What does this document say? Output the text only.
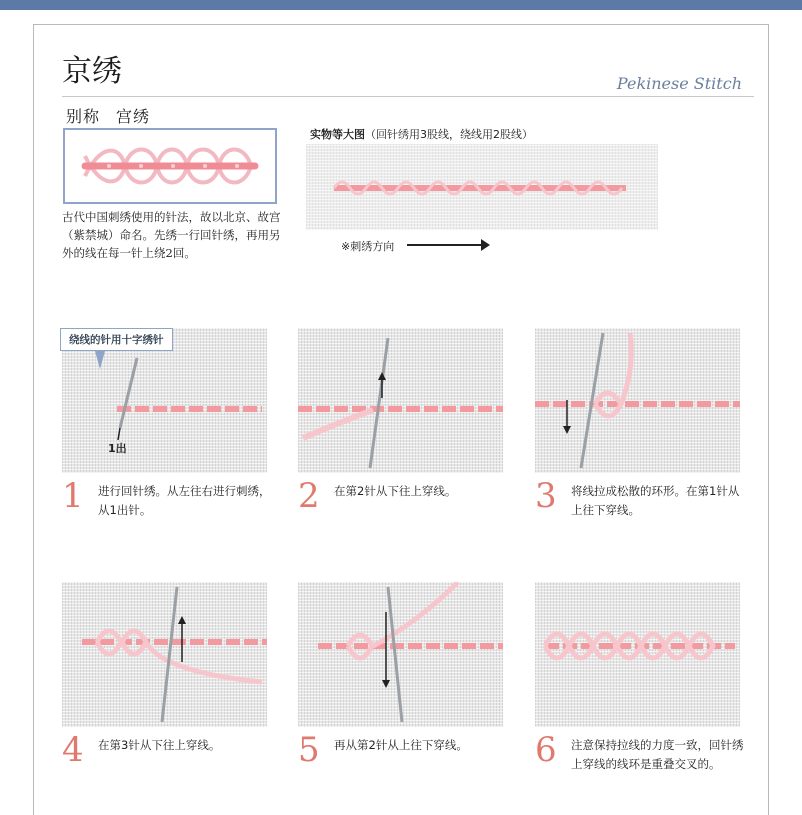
京绣	Pekinese Stitch
别称 宫绣
古代中国刺绣使用的针法，故以北京、故宫（紫禁城）命名。先绣一行回针绣，再用另外的线在每一针上绕2回。
实物等大图（回针绣用3股线，绕线用2股线）
※刺绣方向
1 进行回针绣。从左往右进行刺绣，从1出针。
绕线的针用十字绣针
1出
2 在第2针从下往上穿线。	3 将线拉成松散的环形。在第1针从上往下穿线。
4 在第3针从下往上穿线。	5 再从第2针从上往下穿线。	6 注意保持拉线的力度一致，回针绣上穿线的线环是重叠交叉的。
